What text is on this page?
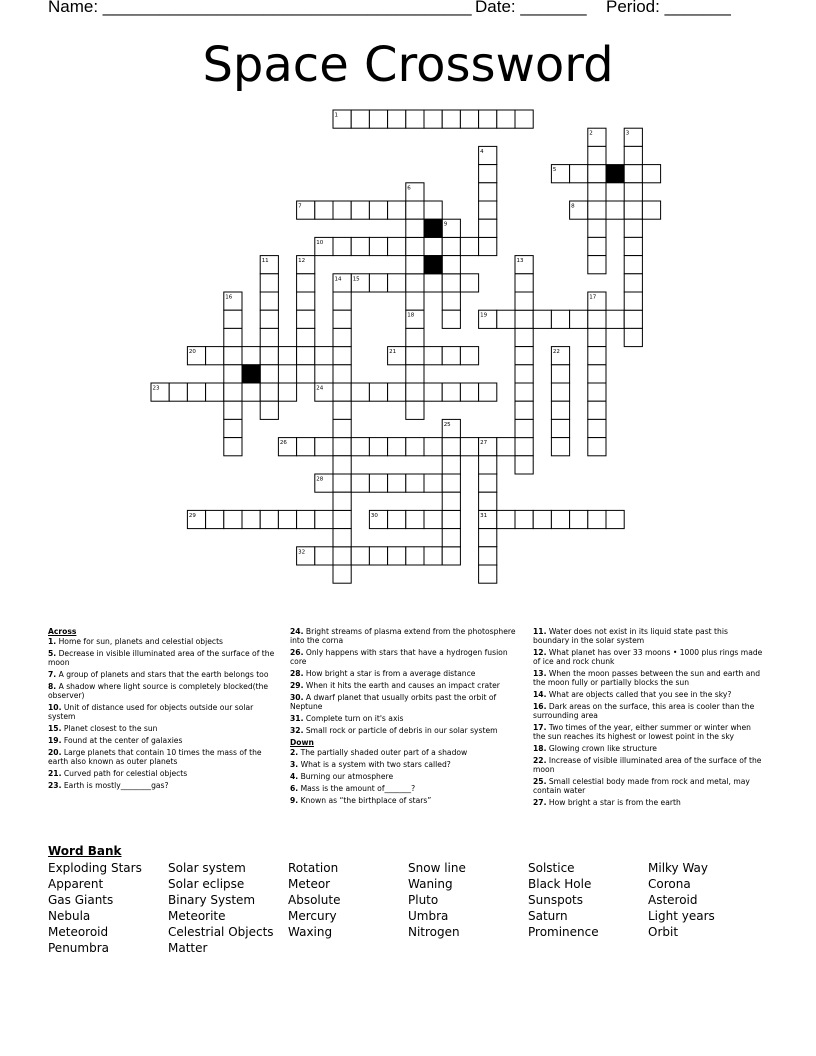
Name: _______________________________________ Date: _______ Period: _______
Space Crossword
1
5
7	8
10
15
19
20	21
23	24
26
28
29	30	31
32
2	3
4
6
9
11	12	13
14
16	17
18
22
25
27
Across
1. Home for sun, planets and celestial objects
5. Decrease in visible illuminated area of the surface of the moon
7. A group of planets and stars that the earth belongs too
8. A shadow where light source is completely blocked(the observer)
10. Unit of distance used for objects outside our solar system
15. Planet closest to the sun
19. Found at the center of galaxies
20. Large planets that contain 10 times the mass of the earth also known as outer planets
21. Curved path for celestial objects
23. Earth is mostly________gas?
24. Bright streams of plasma extend from the photosphere into the corna
26. Only happens with stars that have a hydrogen fusion core
28. How bright a star is from a average distance
29. When it hits the earth and causes an impact crater
30. A dwarf planet that usually orbits past the orbit of Neptune
31. Complete turn on it's axis
32. Small rock or particle of debris in our solar system
Down
2. The partially shaded outer part of a shadow
3. What is a system with two stars called?
4. Burning our atmosphere
6. Mass is the amount of_______?
9. Known as “the birthplace of stars”
11. Water does not exist in its liquid state past this boundary in the solar system
12. What planet has over 33 moons • 1000 plus rings made of ice and rock chunk
13. When the moon passes between the sun and earth and the moon fully or partially blocks the sun
14. What are objects called that you see in the sky?
16. Dark areas on the surface, this area is cooler than the surrounding area
17. Two times of the year, either summer or winter when the sun reaches its highest or lowest point in the sky
18. Glowing crown like structure
22. Increase of visible illuminated area of the surface of the moon
25. Small celestial body made from rock and metal, may contain water
27. How bright a star is from the earth
Word Bank
Exploding Stars
Apparent
Gas Giants
Nebula
Meteoroid
Penumbra
Solar system
Solar eclipse
Binary System
Meteorite
Celestrial Objects
Matter
Rotation
Meteor
Absolute
Mercury
Waxing
Snow line
Waning
Pluto
Umbra
Nitrogen
Solstice
Black Hole
Sunspots
Saturn
Prominence
Milky Way
Corona
Asteroid
Light years
Orbit
